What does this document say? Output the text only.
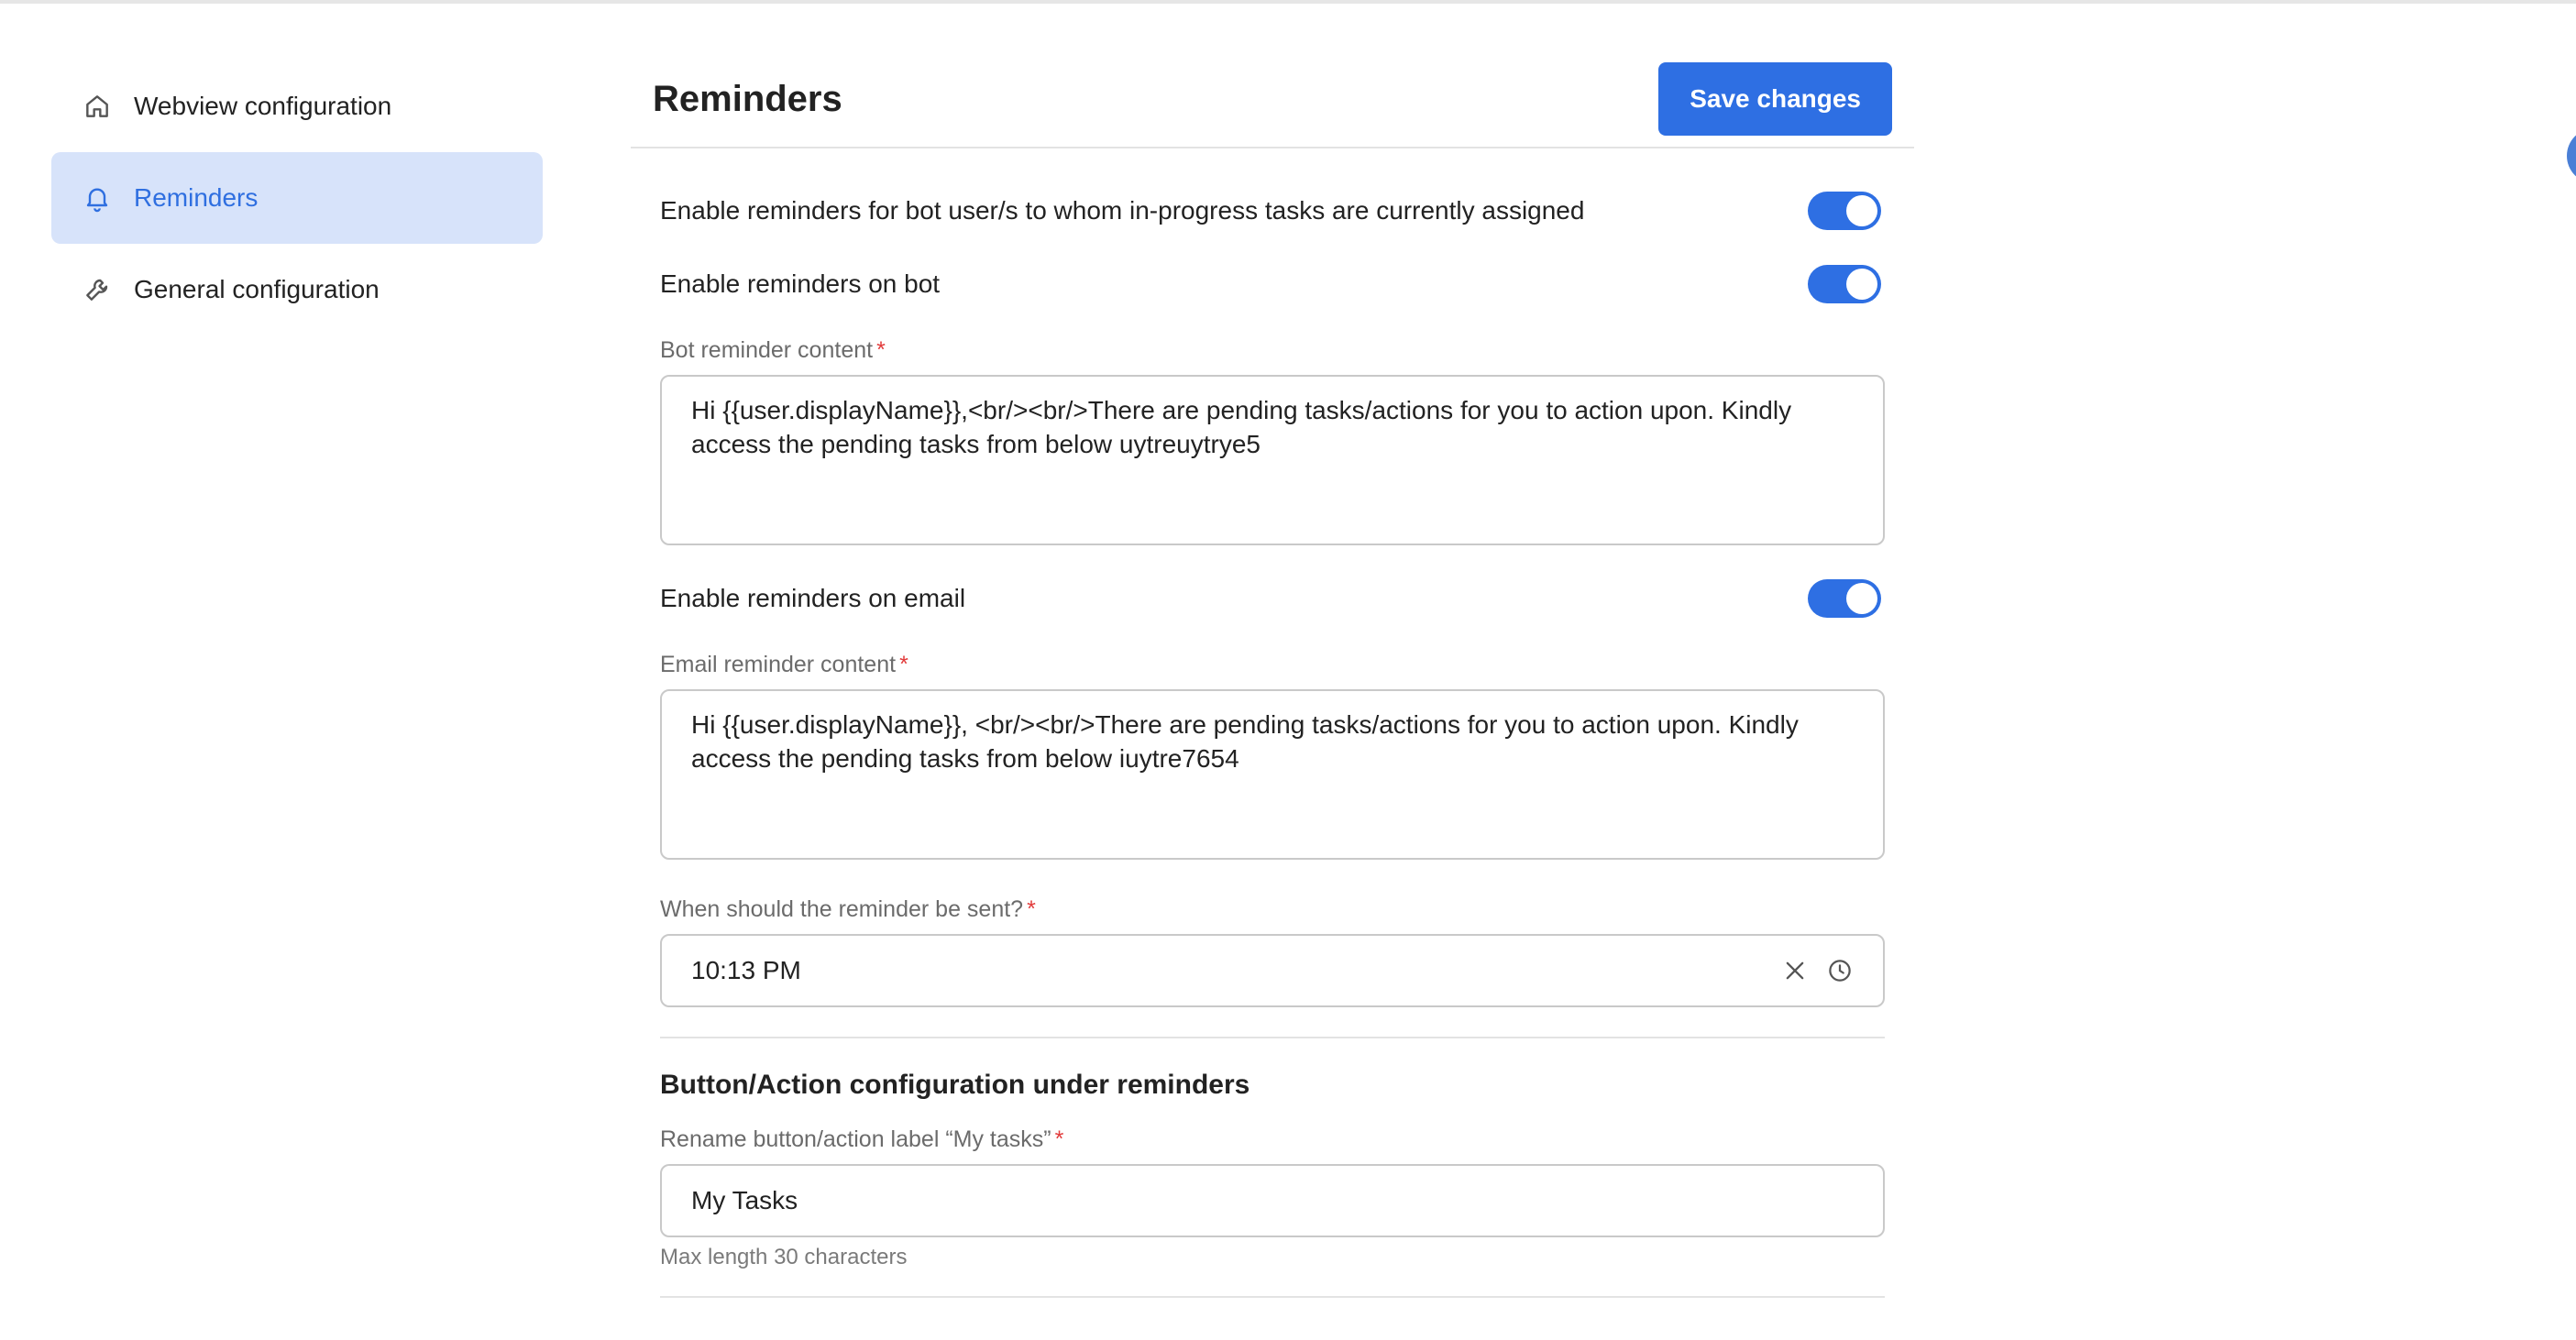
Webview configuration
Reminders
General configuration
Reminders	Save changes
Enable reminders for bot user/s to whom in-progress tasks are currently assigned
Enable reminders on bot
Bot reminder content *
Hi {{user.displayName}},<br/><br/>There are pending tasks/actions for you to action upon. Kindly access the pending tasks from below uytreuytrye5
Enable reminders on email
Email reminder content *
Hi {{user.displayName}}, <br/><br/>There are pending tasks/actions for you to action upon. Kindly access the pending tasks from below iuytre7654
When should the reminder be sent? *
10:13 PM
Button/Action configuration under reminders
Rename button/action label “My tasks” *
My Tasks
Max length 30 characters
